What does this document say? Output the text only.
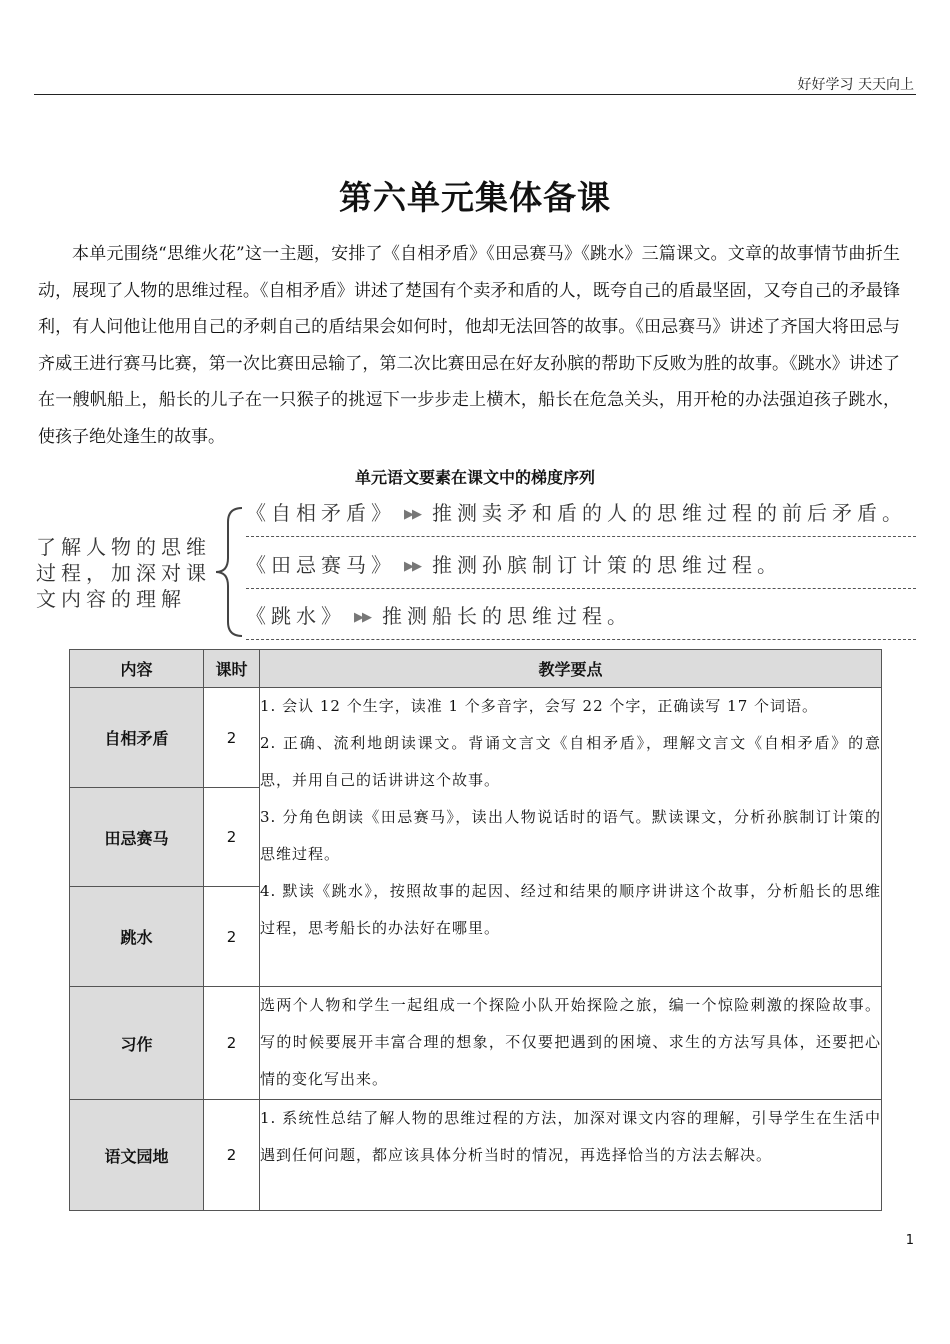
好好学习 天天向上
第六单元集体备课

本单元围绕“思维火花”这一主题，安排了《自相矛盾》《田忌赛马》《跳水》三篇课文。文章的故事情节曲折生动，展现了人物的思维过程。《自相矛盾》讲述了楚国有个卖矛和盾的人，既夸自己的盾最坚固，又夸自己的矛最锋利，有人问他让他用自己的矛刺自己的盾结果会如何时，他却无法回答的故事。《田忌赛马》讲述了齐国大将田忌与齐威王进行赛马比赛，第一次比赛田忌输了，第二次比赛田忌在好友孙膑的帮助下反败为胜的故事。《跳水》讲述了在一艘帆船上，船长的儿子在一只猴子的挑逗下一步步走上横木，船长在危急关头，用开枪的办法强迫孩子跳水，使孩子绝处逢生的故事。

单元语文要素在课文中的梯度序列
了解人物的思维
过程，加深对课
文内容的理解
《自相矛盾》 ▶▶ 推测卖矛和盾的人的思维过程的前后矛盾。
《田忌赛马》 ▶▶ 推测孙膑制订计策的思维过程。
《跳水》 ▶▶ 推测船长的思维过程。
内容	课时	教学要点
自相矛盾	2	1. 会认 12 个生字，读准 1 个多音字，会写 22 个字，正确读写 17 个词语。

2. 正确、流利地朗读课文。背诵文言文《自相矛盾》，理解文言文《自相矛盾》的意思，并用自己的话讲讲这个故事。

3. 分角色朗读《田忌赛马》，读出人物说话时的语气。默读课文，分析孙膑制订计策的思维过程。

4. 默读《跳水》，按照故事的起因、经过和结果的顺序讲讲这个故事，分析船长的思维过程，思考船长的办法好在哪里。

田忌赛马	2	
跳水	2	
习作	2	选两个人物和学生一起组成一个探险小队开始探险之旅，编一个惊险刺激的探险故事。写的时候要展开丰富合理的想象，不仅要把遇到的困境、求生的方法写具体，还要把心情的变化写出来。

语文园地	2	1. 系统性总结了解人物的思维过程的方法，加深对课文内容的理解，引导学生在生活中遇到任何问题，都应该具体分析当时的情况，再选择恰当的方法去解决。

1
